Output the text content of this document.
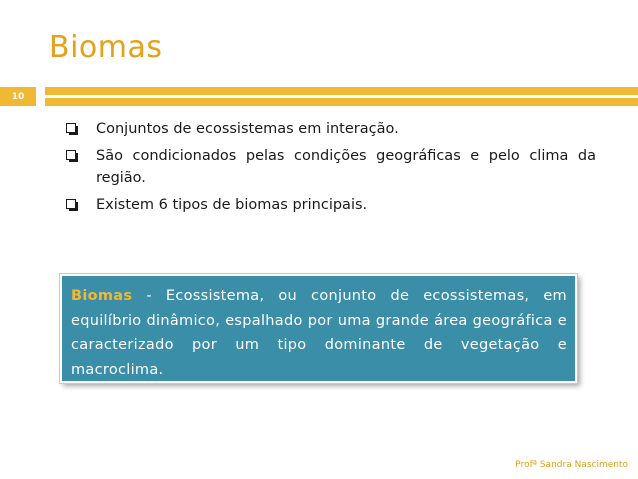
Biomas
10
Conjuntos de ecossistemas em interação.
São condicionados pelas condições geográficas e pelo clima da região.
Existem 6 tipos de biomas principais.
Biomas - Ecossistema, ou conjunto de ecossistemas, em equilíbrio dinâmico, espalhado por uma grande área geográfica e caracterizado por um tipo dominante de vegetação e macroclima.
Profª Sandra Nascimento
